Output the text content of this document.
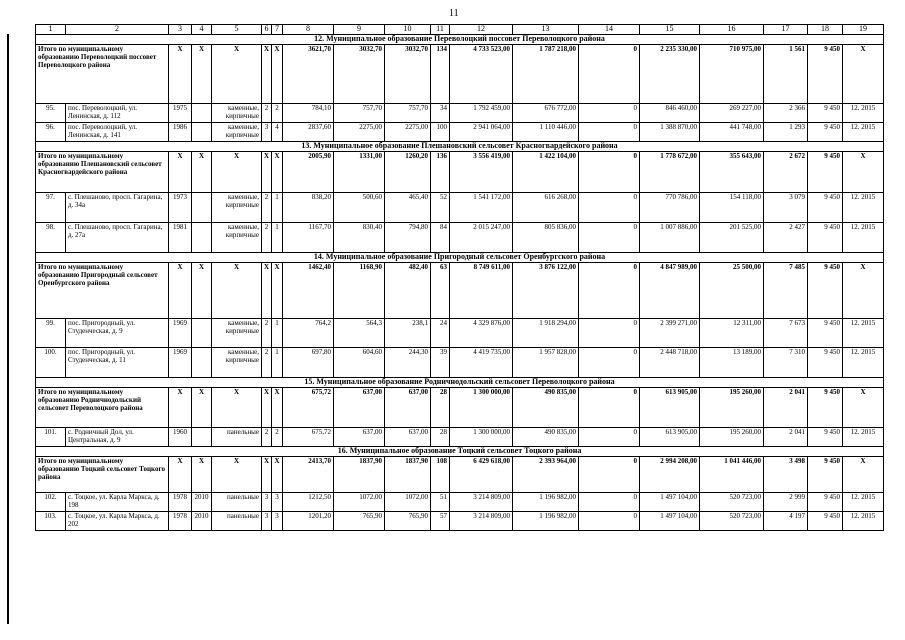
11
1	2	3	4	5	6	7	8	9	10	11	12	13	14	15	16	17	18	19
12. Муниципальное образование Переволоцкий поссовет Переволоцкого района																		
Итого по муниципальному образованию Переволоцкий поссовет Переволоцкого района		X	X	X	X	X	3621,70	3032,70	3032,70	134	4 733 523,00	1 787 218,00	0	2 235 330,00	710 975,00	1 561	9 450	X
95.	пос. Переволоцкий, ул. Ленинская, д. 112	1975		каменные, кирпичные	2	2	784,10	757,70	757,70	34	1 792 459,00	676 772,00	0	846 460,00	269 227,00	2 366	9 450	12. 2015
96.	пос. Переволоцкий, ул. Ленинская, д. 141	1986		каменные, кирпичные	3	4	2837,60	2275,00	2275,00	100	2 941 064,00	1 110 446,00	0	1 388 870,00	441 748,00	1 293	9 450	12. 2015
13. Муниципальное образование Плешановский сельсовет Красногвардейского района																		
Итого по муниципальному образованию Плешановский сельсовет Красногвардейского района		X	X	X	X	X	2005,90	1331,00	1260,20	136	3 556 419,00	1 422 104,00	0	1 778 672,00	355 643,00	2 672	9 450	X
97.	с. Плешаново, просп. Гагарина, д. 34а	1973		каменные, кирпичные	2	1	838,20	500,60	465,40	52	1 541 172,00	616 268,00	0	770 786,00	154 118,00	3 079	9 450	12. 2015
98.	с. Плешаново, просп. Гагарина, д. 27а	1981		каменные, кирпичные	2	1	1167,70	830,40	794,80	84	2 015 247,00	805 836,00	0	1 007 886,00	201 525,00	2 427	9 450	12. 2015
14. Муниципальное образование Пригородный сельсовет Оренбургского района																		
Итого по муниципальному образованию Пригородный сельсовет Оренбургского района		X	X	X	X	X	1462,40	1168,90	482,40	63	8 749 611,00	3 876 122,00	0	4 847 989,00	25 500,00	7 485	9 450	X
99.	пос. Пригородный, ул. Студенческая, д. 9	1969		каменные, кирпичные	2	1	764,2	564,3	238,1	24	4 329 876,00	1 918 294,00	0	2 399 271,00	12 311,00	7 673	9 450	12. 2015
100.	пос. Пригородный, ул. Студенческая, д. 11	1969		каменные, кирпичные	2	1	697,80	604,60	244,30	39	4 419 735,00	1 957 828,00	0	2 448 718,00	13 189,00	7 310	9 450	12. 2015
15. Муниципальное образование Родничнодольский сельсовет Переволоцкого района																		
Итого по муниципальному образованию Родничнодольский сельсовет Переволоцкого района		X	X	X	X	X	675,72	637,00	637,00	28	1 300 000,00	490 835,00	0	613 905,00	195 260,00	2 041	9 450	X
101.	с. Родничный Дол, ул. Центральная, д. 9	1960		панельные	2	2	675,72	637,00	637,00	28	1 300 000,00	490 835,00	0	613 905,00	195 260,00	2 041	9 450	12. 2015
16. Муниципальное образование Тоцкий сельсовет Тоцкого района																		
Итого по муниципальному образованию Тоцкий сельсовет Тоцкого района		X	X	X	X	X	2413,70	1837,90	1837,90	108	6 429 618,00	2 393 964,00	0	2 994 208,00	1 041 446,00	3 498	9 450	X
102.	с. Тоцкое, ул. Карла Маркса, д. 198	1978	2010	панельные	3	3	1212,50	1072,00	1072,00	51	3 214 809,00	1 196 982,00	0	1 497 104,00	520 723,00	2 999	9 450	12. 2015
103.	с. Тоцкое, ул. Карла Маркса, д. 202	1978	2010	панельные	3	3	1201,20	765,90	765,90	57	3 214 809,00	1 196 982,00	0	1 497 104,00	520 723,00	4 197	9 450	12. 2015
